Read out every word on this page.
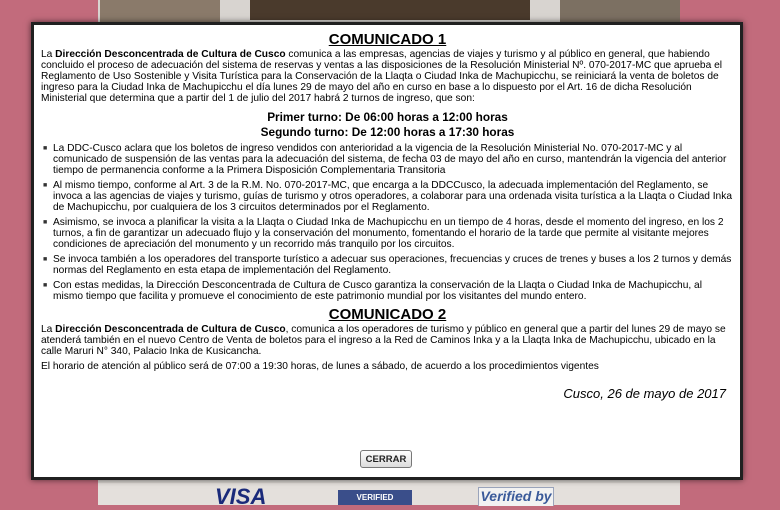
VISA	VERIFIED	Verified by
COMUNICADO 1

La Dirección Desconcentrada de Cultura de Cusco comunica a las empresas, agencias de viajes y turismo y al público en general, que habiendo concluido el proceso de adecuación del sistema de reservas y ventas a las disposiciones de la Resolución Ministerial Nº. 070-2017-MC que aprueba el Reglamento de Uso Sostenible y Visita Turística para la Conservación de la Llaqta o Ciudad Inka de Machupicchu, se reiniciará la venta de boletos de ingreso para la Ciudad Inka de Machupicchu el día lunes 29 de mayo del año en curso en base a lo dispuesto por el Art. 16 de dicha Resolución Ministerial que determina que a partir del 1 de julio del 2017 habrá 2 turnos de ingreso, que son:

Primer turno: De 06:00 horas a 12:00 horas

Segundo turno: De 12:00 horas a 17:30 horas

■ La DDC-Cusco aclara que los boletos de ingreso vendidos con anterioridad a la vigencia de la Resolución Ministerial No. 070-2017-MC y al comunicado de suspensión de las ventas para la adecuación del sistema, de fecha 03 de mayo del año en curso, mantendrán la vigencia del anterior tiempo de permanencia conforme a la Primera Disposición Complementaria Transitoria
■ Al mismo tiempo, conforme al Art. 3 de la R.M. No. 070-2017-MC, que encarga a la DDCCusco, la adecuada implementación del Reglamento, se invoca a las agencias de viajes y turismo, guías de turismo y otros operadores, a colaborar para una ordenada visita turística a la Llaqta o Ciudad Inka de Machupicchu, por cualquiera de los 3 circuitos determinados por el Reglamento.
■ Asimismo, se invoca a planificar la visita a la Llaqta o Ciudad Inka de Machupicchu en un tiempo de 4 horas, desde el momento del ingreso, en los 2 turnos, a fin de garantizar un adecuado flujo y la conservación del monumento, fomentando el horario de la tarde que permite al visitante mejores condiciones de apreciación del monumento y un recorrido más tranquilo por los circuitos.
■ Se invoca también a los operadores del transporte turístico a adecuar sus operaciones, frecuencias y cruces de trenes y buses a los 2 turnos y demás normas del Reglamento en esta etapa de implementación del Reglamento.
■ Con estas medidas, la Dirección Desconcentrada de Cultura de Cusco garantiza la conservación de la Llaqta o Ciudad Inka de Machupicchu, al mismo tiempo que facilita y promueve el conocimiento de este patrimonio mundial por los visitantes del mundo entero.
COMUNICADO 2

La Dirección Desconcentrada de Cultura de Cusco, comunica a los operadores de turismo y público en general que a partir del lunes 29 de mayo se atenderá también en el nuevo Centro de Venta de boletos para el ingreso a la Red de Caminos Inka y a la Llaqta Inka de Machupicchu, ubicado en la calle Maruri N° 340, Palacio Inka de Kusicancha.

El horario de atención al público será de 07:00 a 19:30 horas, de lunes a sábado, de acuerdo a los procedimientos vigentes

Cusco, 26 de mayo de 2017
CERRAR
